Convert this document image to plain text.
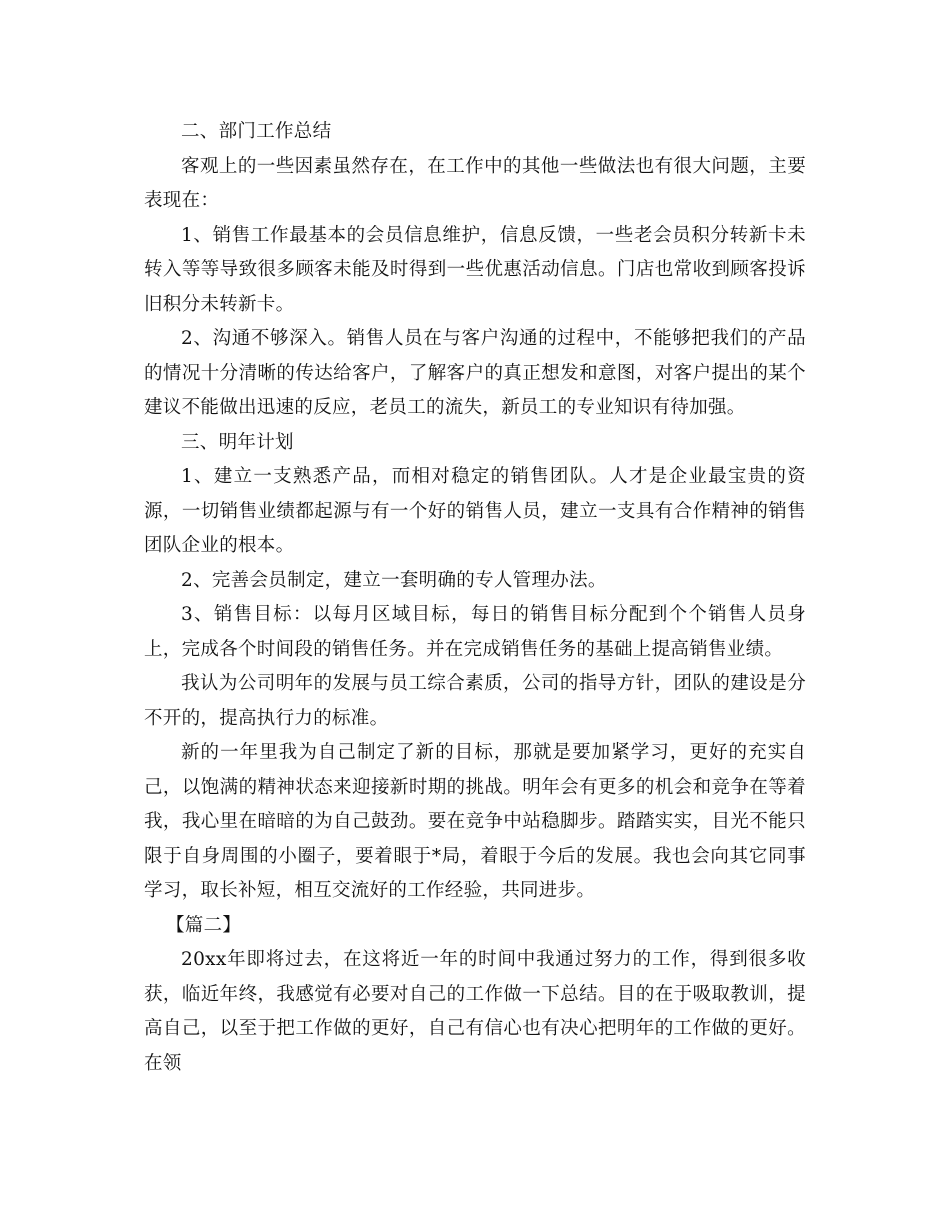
二、部门工作总结

客观上的一些因素虽然存在，在工作中的其他一些做法也有很大问题，主要表现在：

1、销售工作最基本的会员信息维护，信息反馈，一些老会员积分转新卡未转入等等导致很多顾客未能及时得到一些优惠活动信息。门店也常收到顾客投诉旧积分未转新卡。

2、沟通不够深入。销售人员在与客户沟通的过程中，不能够把我们的产品的情况十分清晰的传达给客户，了解客户的真正想发和意图，对客户提出的某个建议不能做出迅速的反应，老员工的流失，新员工的专业知识有待加强。

三、明年计划

1、建立一支熟悉产品，而相对稳定的销售团队。人才是企业最宝贵的资源，一切销售业绩都起源与有一个好的销售人员，建立一支具有合作精神的销售团队企业的根本。

2、完善会员制定，建立一套明确的专人管理办法。

3、销售目标：以每月区域目标，每日的销售目标分配到个个销售人员身上，完成各个时间段的销售任务。并在完成销售任务的基础上提高销售业绩。

我认为公司明年的发展与员工综合素质，公司的指导方针，团队的建设是分不开的，提高执行力的标准。

新的一年里我为自己制定了新的目标，那就是要加紧学习，更好的充实自己，以饱满的精神状态来迎接新时期的挑战。明年会有更多的机会和竞争在等着我，我心里在暗暗的为自己鼓劲。要在竞争中站稳脚步。踏踏实实，目光不能只限于自身周围的小圈子，要着眼于*局，着眼于今后的发展。我也会向其它同事学习，取长补短，相互交流好的工作经验，共同进步。

【篇二】

20xx年即将过去，在这将近一年的时间中我通过努力的工作，得到很多收获，临近年终，我感觉有必要对自己的工作做一下总结。目的在于吸取教训，提高自己，以至于把工作做的更好，自己有信心也有决心把明年的工作做的更好。在领
